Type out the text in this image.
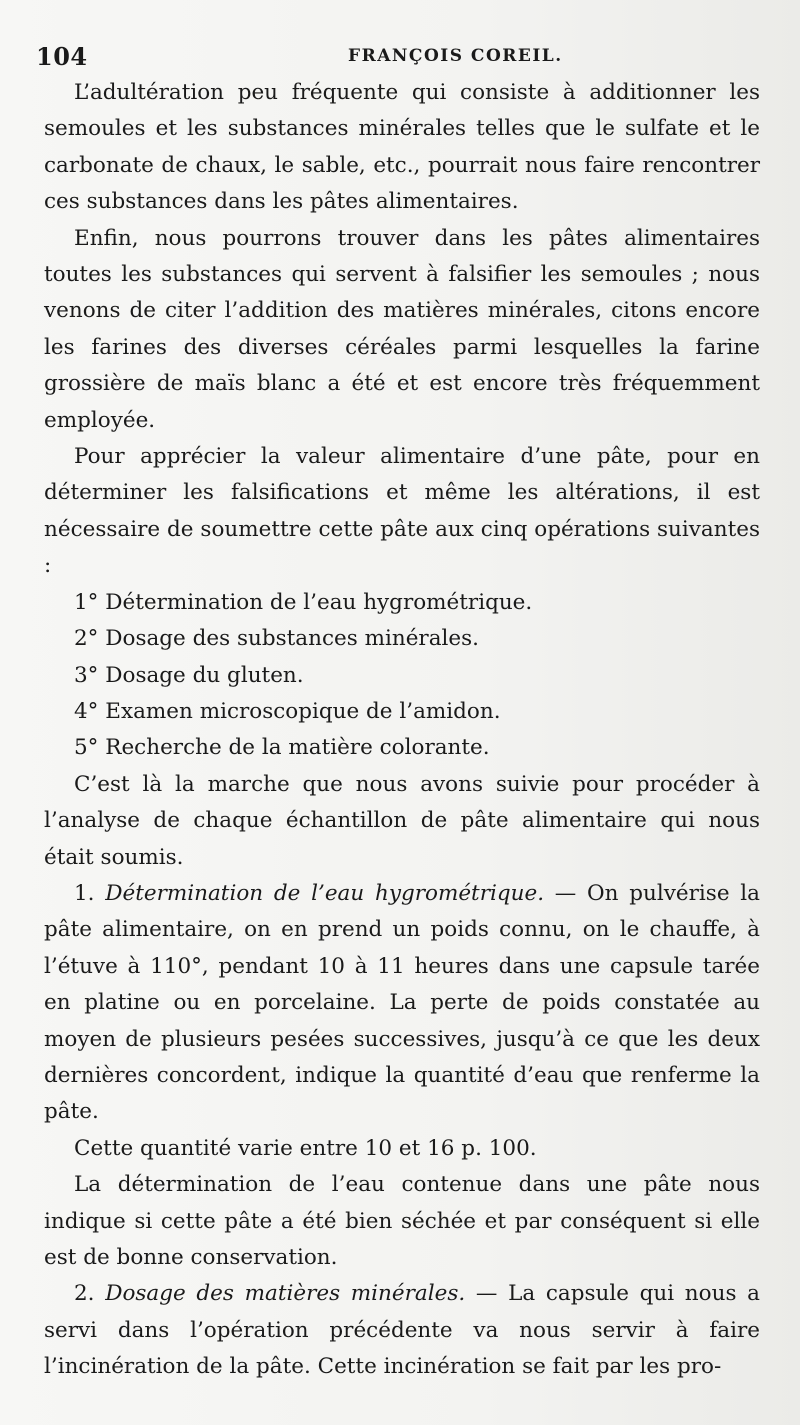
104	FRANÇOIS COREIL.

L’adultération peu fréquente qui consiste à additionner les semoules et les substances minérales telles que le sulfate et le carbonate de chaux, le sable, etc., pourrait nous faire rencontrer ces substances dans les pâtes alimentaires.

Enfin, nous pourrons trouver dans les pâtes alimentaires toutes les substances qui servent à falsifier les semoules ; nous venons de citer l’addition des matières minérales, citons encore les farines des diverses céréales parmi lesquelles la farine grossière de maïs blanc a été et est encore très fréquemment employée.

Pour apprécier la valeur alimentaire d’une pâte, pour en déterminer les falsifications et même les altérations, il est nécessaire de soumettre cette pâte aux cinq opérations suivantes :

1° Détermination de l’eau hygrométrique.

2° Dosage des substances minérales.

3° Dosage du gluten.

4° Examen microscopique de l’amidon.

5° Recherche de la matière colorante.

C’est là la marche que nous avons suivie pour procéder à l’analyse de chaque échantillon de pâte alimentaire qui nous était soumis.

1. Détermination de l’eau hygrométrique. — On pulvérise la pâte alimentaire, on en prend un poids connu, on le chauffe, à l’étuve à 110°, pendant 10 à 11 heures dans une capsule tarée en platine ou en porcelaine. La perte de poids constatée au moyen de plusieurs pesées successives, jusqu’à ce que les deux dernières concordent, indique la quantité d’eau que renferme la pâte.

Cette quantité varie entre 10 et 16 p. 100.

La détermination de l’eau contenue dans une pâte nous indique si cette pâte a été bien séchée et par conséquent si elle est de bonne conservation.

2. Dosage des matières minérales. — La capsule qui nous a servi dans l’opération précédente va nous servir à faire l’incinération de la pâte. Cette incinération se fait par les pro-
